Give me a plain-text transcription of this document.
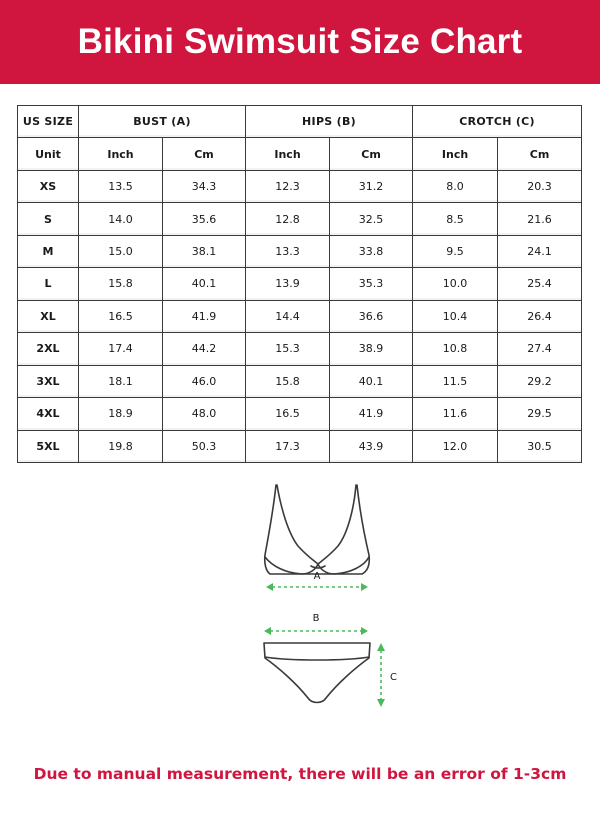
Bikini Swimsuit Size Chart
US SIZE	BUST (A)		HIPS (B)		CROTCH (C)	
Unit	Inch	Cm	Inch	Cm	Inch	Cm
XS	13.5	34.3	12.3	31.2	8.0	20.3
S	14.0	35.6	12.8	32.5	8.5	21.6
M	15.0	38.1	13.3	33.8	9.5	24.1
L	15.8	40.1	13.9	35.3	10.0	25.4
XL	16.5	41.9	14.4	36.6	10.4	26.4
2XL	17.4	44.2	15.3	38.9	10.8	27.4
3XL	18.1	46.0	15.8	40.1	11.5	29.2
4XL	18.9	48.0	16.5	41.9	11.6	29.5
5XL	19.8	50.3	17.3	43.9	12.0	30.5
A
B
C
Due to manual measurement, there will be an error of 1-3cm
